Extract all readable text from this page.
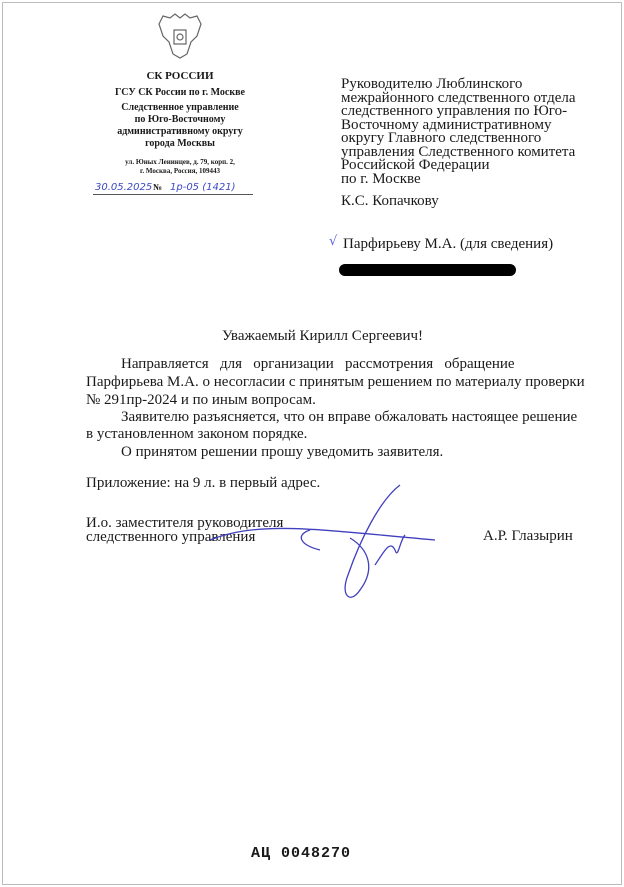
СК РОССИИ
ГСУ СК России по г. Москве
Следственное управление
по Юго-Восточному
административному округу
города Москвы
ул. Юных Ленинцев, д. 79, корп. 2,
г. Москва, Россия, 109443
30.05.2025 № 1р-05 (1421)
Руководителю Люблинского
межрайонного следственного отдела
следственного управления по Юго-
Восточному административному
округу Главного следственного
управления Следственного комитета
Российской Федерации
по г. Москве
К.С. Копачкову
√ Парфирьеву М.А. (для сведения)
Уважаемый Кирилл Сергеевич!
Направляется   для   организации   рассмотрения   обращение
Парфирьева М.А. о несогласии с принятым решением по материалу проверки
№ 291пр-2024 и по иным вопросам.
Заявителю разъясняется, что он вправе обжаловать настоящее решение
в установленном законом порядке.
О принятом решении прошу уведомить заявителя.
Приложение: на 9 л. в первый адрес.
И.о. заместителя руководителя
следственного управления	А.Р. Глазырин
АЦ 0048270
